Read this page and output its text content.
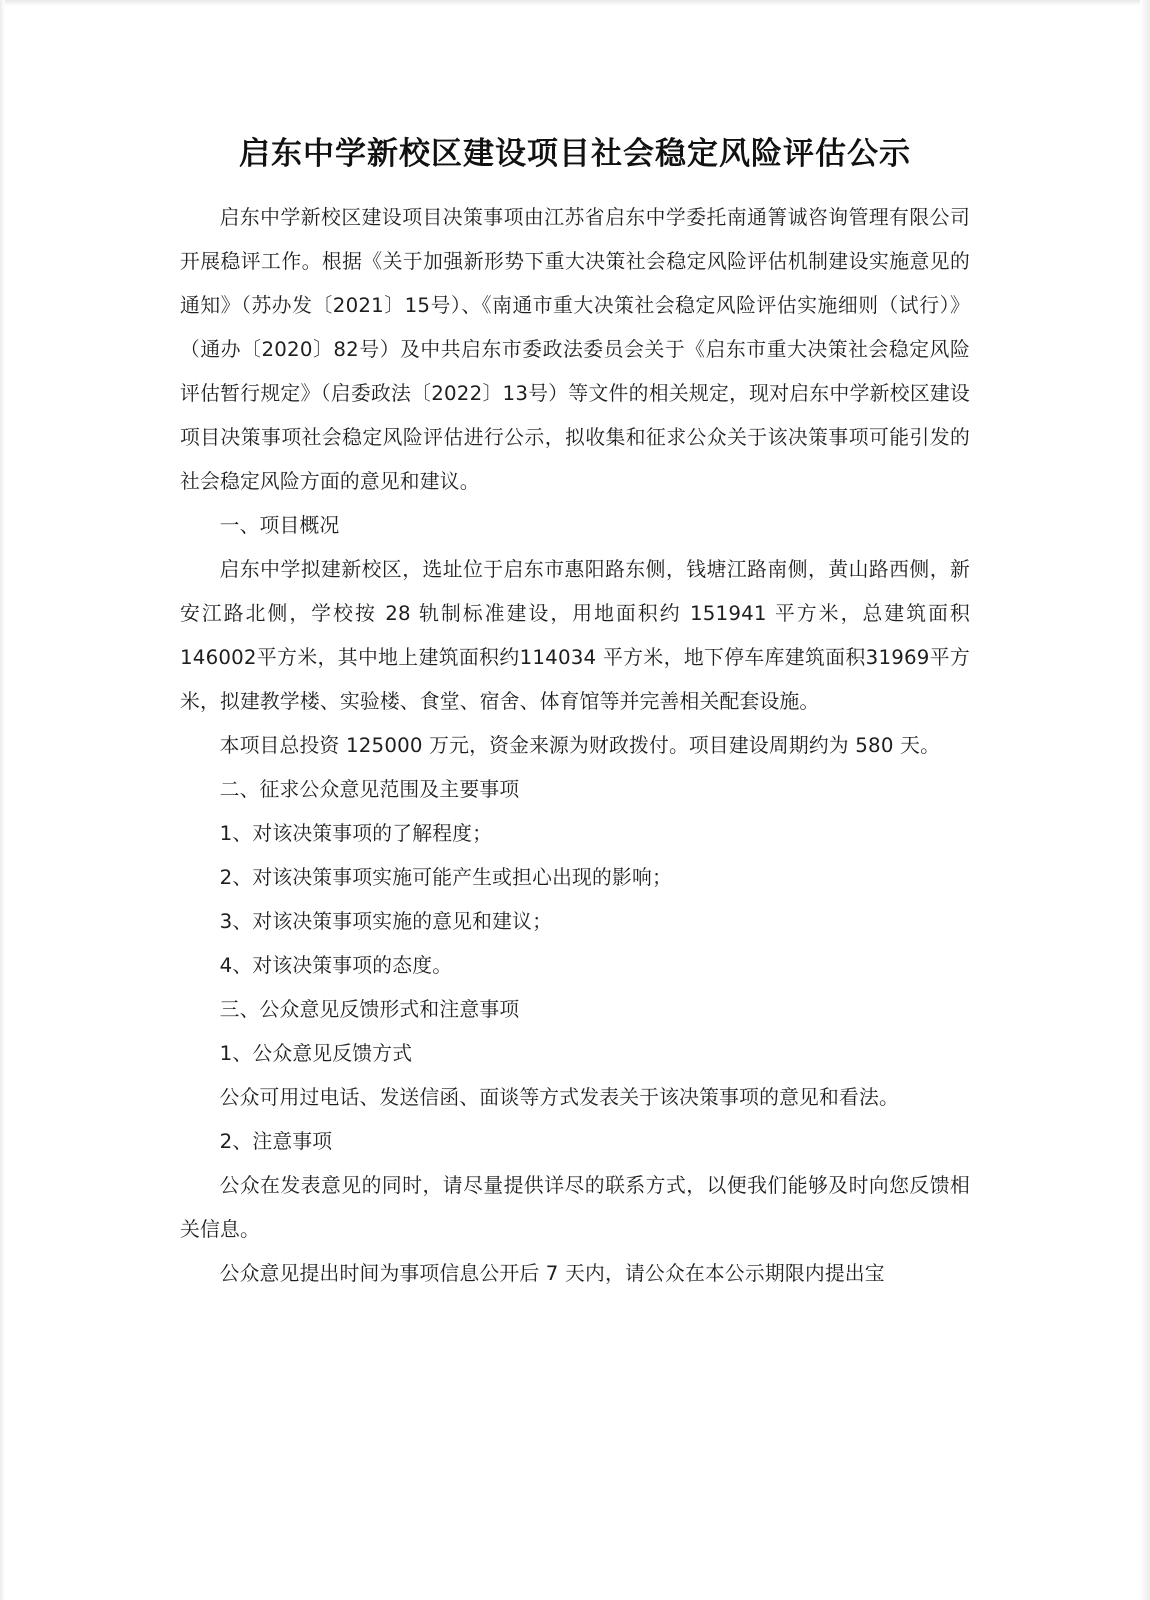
启东中学新校区建设项目社会稳定风险评估公示

启东中学新校区建设项目决策事项由江苏省启东中学委托南通箐诚咨询管理有限公司开展稳评工作。根据《关于加强新形势下重大决策社会稳定风险评估机制建设实施意见的通知》（苏办发〔2021〕15号）、《南通市重大决策社会稳定风险评估实施细则（试行）》（通办〔2020〕82号）及中共启东市委政法委员会关于《启东市重大决策社会稳定风险评估暂行规定》（启委政法〔2022〕13号）等文件的相关规定，现对启东中学新校区建设项目决策事项社会稳定风险评估进行公示，拟收集和征求公众关于该决策事项可能引发的社会稳定风险方面的意见和建议。

一、项目概况

启东中学拟建新校区，选址位于启东市惠阳路东侧，钱塘江路南侧，黄山路西侧，新安江路北侧，学校按 28 轨制标准建设，用地面积约 151941 平方米，总建筑面积146002平方米，其中地上建筑面积约114034 平方米，地下停车库建筑面积31969平方米，拟建教学楼、实验楼、食堂、宿舍、体育馆等并完善相关配套设施。

本项目总投资 125000 万元，资金来源为财政拨付。项目建设周期约为 580 天。

二、征求公众意见范围及主要事项

1、对该决策事项的了解程度；

2、对该决策事项实施可能产生或担心出现的影响；

3、对该决策事项实施的意见和建议；

4、对该决策事项的态度。

三、公众意见反馈形式和注意事项

1、公众意见反馈方式

公众可用过电话、发送信函、面谈等方式发表关于该决策事项的意见和看法。

2、注意事项

公众在发表意见的同时，请尽量提供详尽的联系方式，以便我们能够及时向您反馈相关信息。

公众意见提出时间为事项信息公开后 7 天内，请公众在本公示期限内提出宝
